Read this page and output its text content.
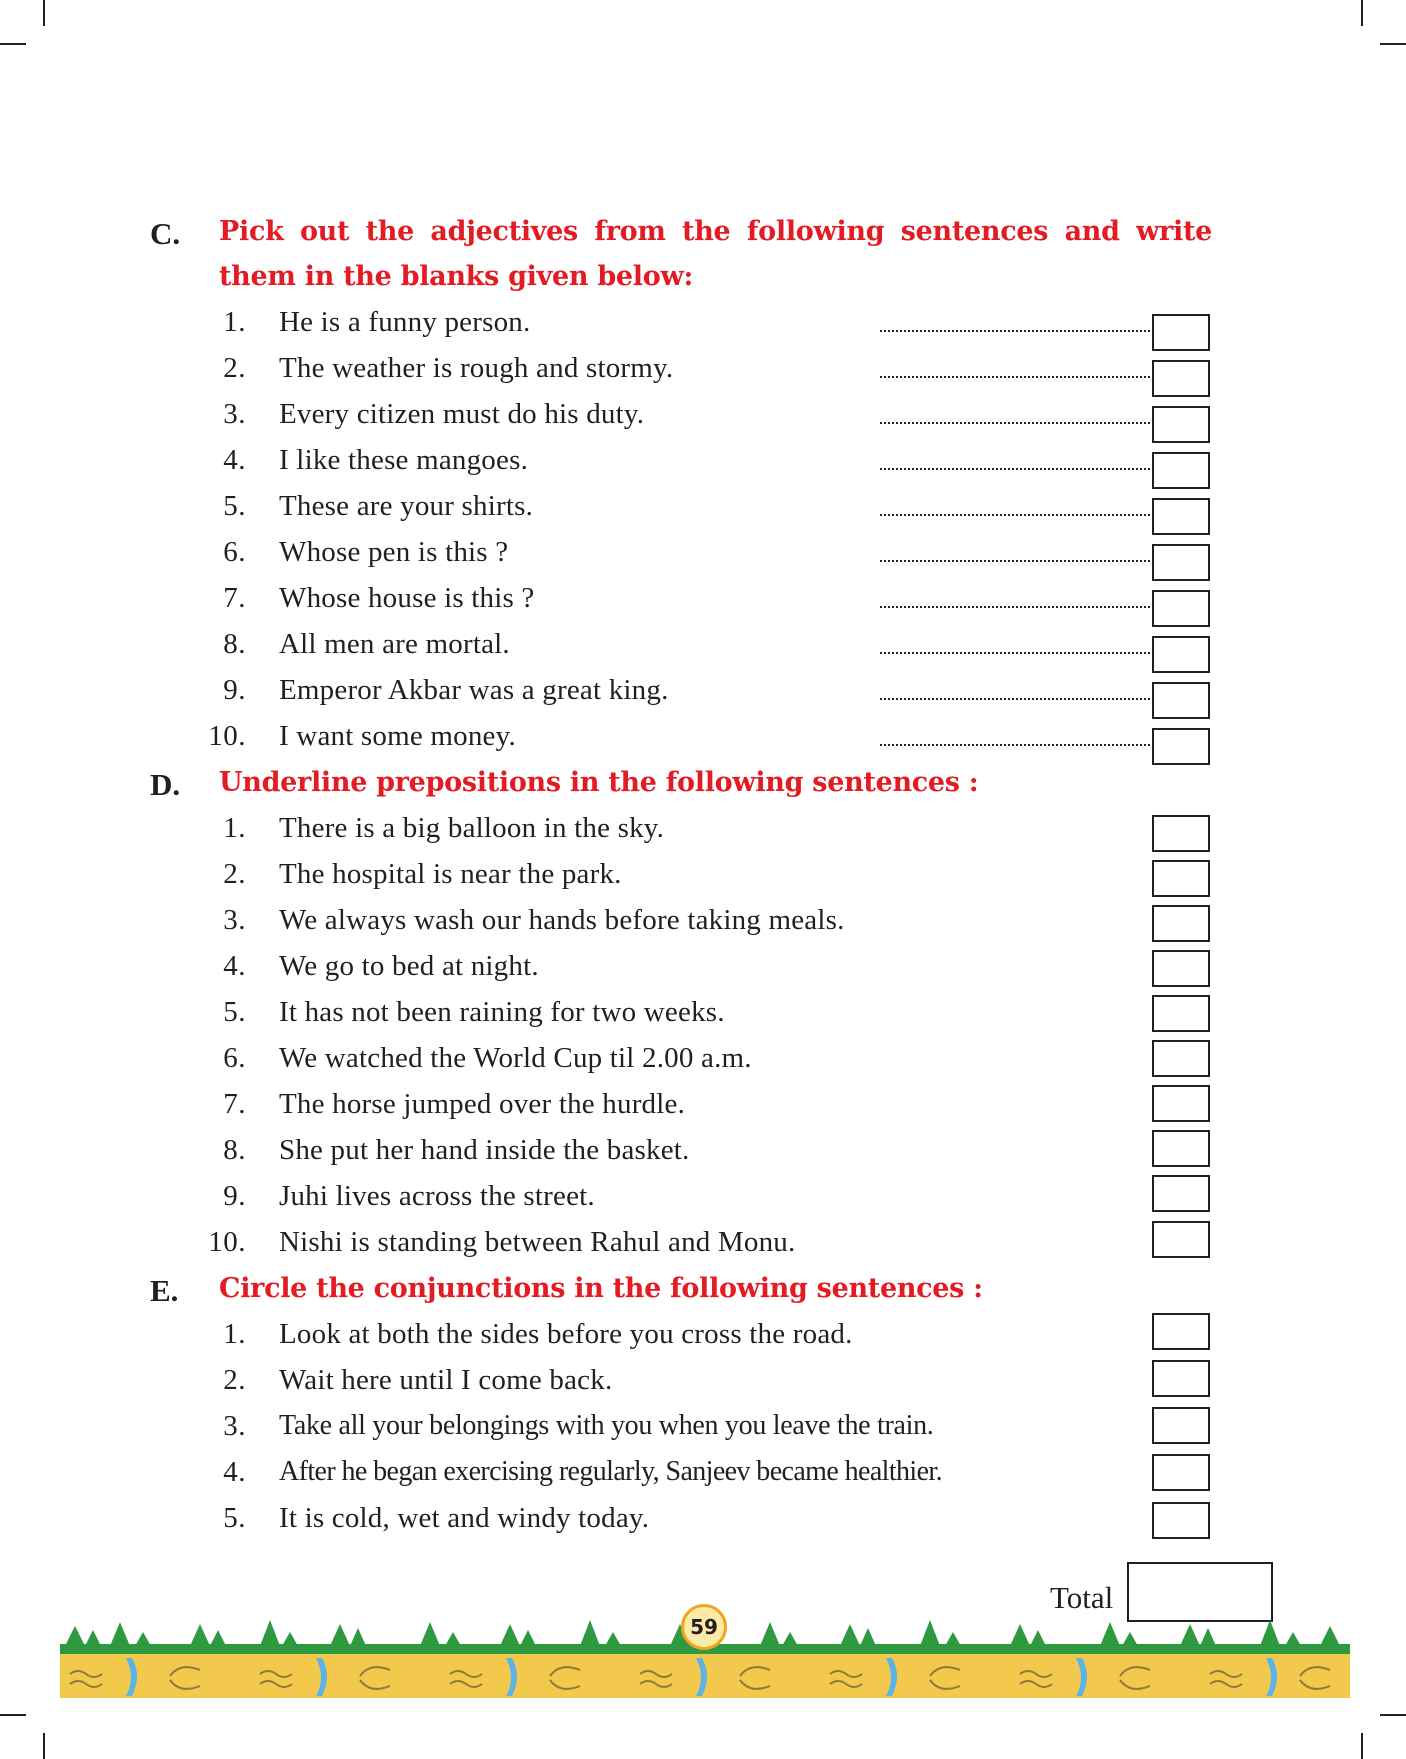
C. Pick out the adjectives from the following sentences and write
them in the blanks given below:
1. He is a funny person.
2. The weather is rough and stormy.
3. Every citizen must do his duty.
4. I like these mangoes.
5. These are your shirts.
6. Whose pen is this ?
7. Whose house is this ?
8. All men are mortal.
9. Emperor Akbar was a great king.
10. I want some money.
D. Underline prepositions in the following sentences :
1. There is a big balloon in the sky.
2. The hospital is near the park.
3. We always wash our hands before taking meals.
4. We go to bed at night.
5. It has not been raining for two weeks.
6. We watched the World Cup til 2.00 a.m.
7. The horse jumped over the hurdle.
8. She put her hand inside the basket.
9. Juhi lives across the street.
10. Nishi is standing between Rahul and Monu.
E. Circle the conjunctions in the following sentences :
1. Look at both the sides before you cross the road.
2. Wait here until I come back.
3. Take all your belongings with you when you leave the train.
4. After he began exercising regularly, Sanjeev became healthier.
5. It is cold, wet and windy today.
Total
59
